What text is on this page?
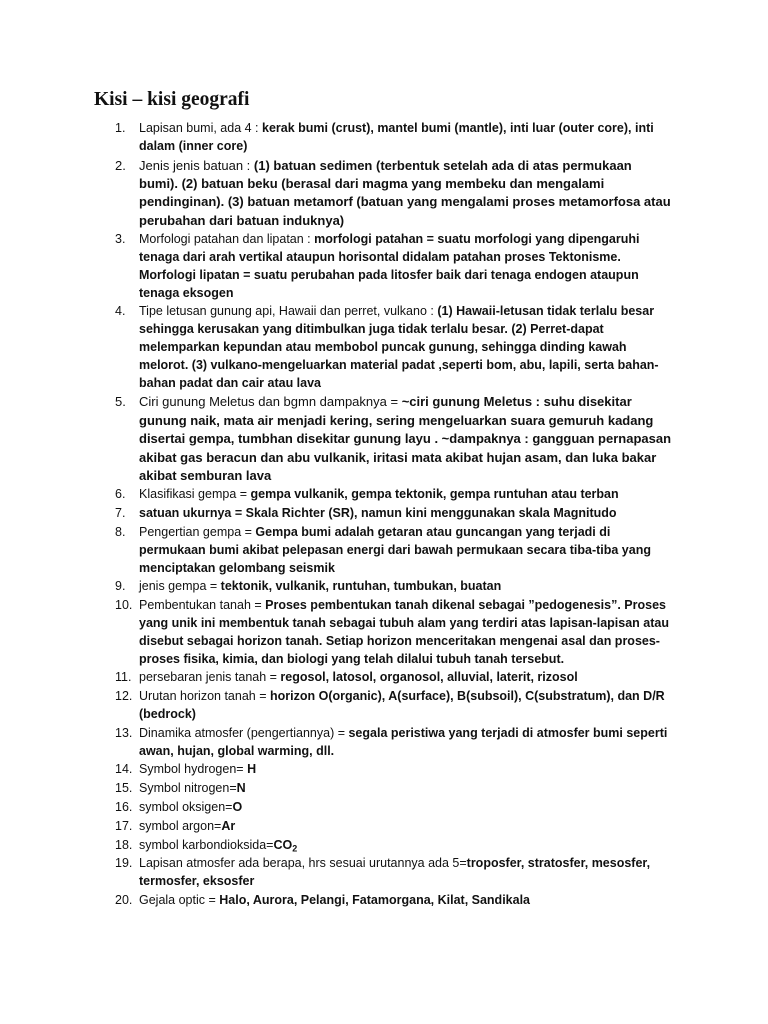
Kisi – kisi geografi
1. Lapisan bumi, ada 4 : kerak bumi (crust), mantel bumi (mantle), inti luar (outer core), inti dalam (inner core)
2. Jenis jenis batuan : (1) batuan sedimen (terbentuk setelah ada di atas permukaan bumi). (2) batuan beku (berasal dari magma yang membeku dan mengalami pendinginan). (3) batuan metamorf (batuan yang mengalami proses metamorfosa atau perubahan dari batuan induknya)
3. Morfologi patahan dan lipatan : morfologi patahan = suatu morfologi yang dipengaruhi tenaga dari arah vertikal ataupun horisontal didalam patahan proses Tektonisme. Morfologi lipatan = suatu perubahan pada litosfer baik dari tenaga endogen ataupun tenaga eksogen
4. Tipe letusan gunung api, Hawaii dan perret, vulkano : (1) Hawaii-letusan tidak terlalu besar sehingga kerusakan yang ditimbulkan juga tidak terlalu besar. (2) Perret-dapat melemparkan kepundan atau membobol puncak gunung, sehingga dinding kawah melorot. (3) vulkano-mengeluarkan material padat ,seperti bom, abu, lapili, serta bahan-bahan padat dan cair atau lava
5. Ciri gunung Meletus dan bgmn dampaknya = ~ciri gunung Meletus : suhu disekitar gunung naik, mata air menjadi kering, sering mengeluarkan suara gemuruh kadang disertai gempa, tumbhan disekitar gunung layu . ~dampaknya : gangguan pernapasan akibat gas beracun dan abu vulkanik, iritasi mata akibat hujan asam, dan luka bakar akibat semburan lava
6. Klasifikasi gempa = gempa vulkanik, gempa tektonik, gempa runtuhan atau terban
7. satuan ukurnya = Skala Richter (SR), namun kini menggunakan skala Magnitudo
8. Pengertian gempa = Gempa bumi adalah getaran atau guncangan yang terjadi di permukaan bumi akibat pelepasan energi dari bawah permukaan secara tiba-tiba yang menciptakan gelombang seismik
9. jenis gempa = tektonik, vulkanik, runtuhan, tumbukan, buatan
10. Pembentukan tanah = Proses pembentukan tanah dikenal sebagai ”pedogenesis”. Proses yang unik ini membentuk tanah sebagai tubuh alam yang terdiri atas lapisan-lapisan atau disebut sebagai horizon tanah. Setiap horizon menceritakan mengenai asal dan proses-proses fisika, kimia, dan biologi yang telah dilalui tubuh tanah tersebut.
11. persebaran jenis tanah = regosol, latosol, organosol, alluvial, laterit, rizosol
12. Urutan horizon tanah = horizon O(organic), A(surface), B(subsoil), C(substratum), dan D/R (bedrock)
13. Dinamika atmosfer (pengertiannya) = segala peristiwa yang terjadi di atmosfer bumi seperti awan, hujan, global warming, dll.
14. Symbol hydrogen= H
15. Symbol nitrogen=N
16. symbol oksigen=O
17. symbol argon=Ar
18. symbol $karbondioksida=CO_2$
19. Lapisan atmosfer ada berapa, hrs sesuai urutannya ada 5=troposfer, stratosfer, mesosfer, termosfer, eksosfer
20. Gejala optic = Halo, Aurora, Pelangi, Fatamorgana, Kilat, Sandikala
